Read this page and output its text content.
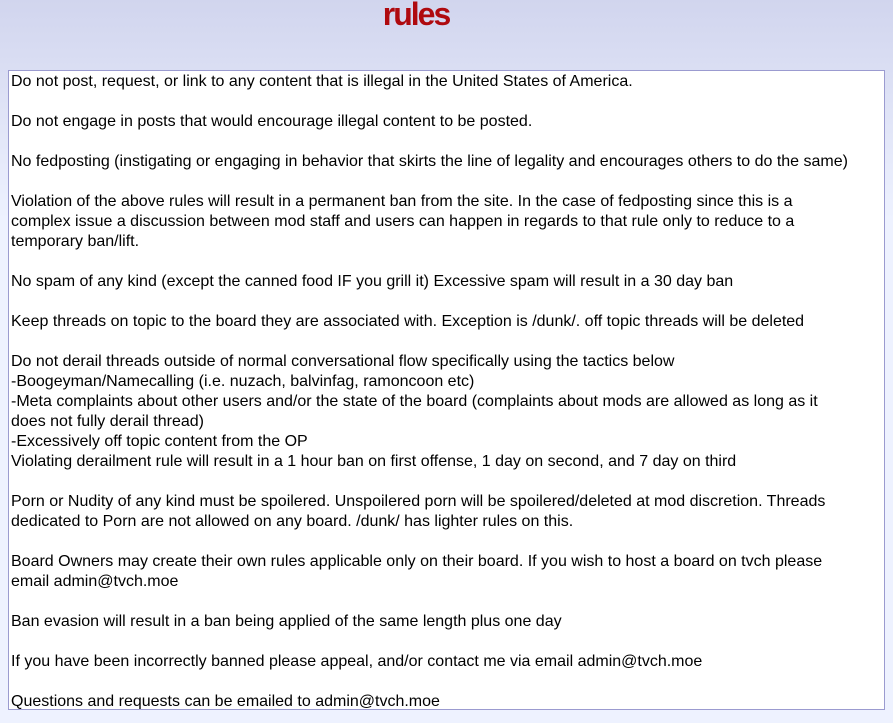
rules

Do not post, request, or link to any content that is illegal in the United States of America.

Do not engage in posts that would encourage illegal content to be posted.

No fedposting (instigating or engaging in behavior that skirts the line of legality and encourages others to do the same)

Violation of the above rules will result in a permanent ban from the site. In the case of fedposting since this is a
complex issue a discussion between mod staff and users can happen in regards to that rule only to reduce to a
temporary ban/lift.

No spam of any kind (except the canned food IF you grill it) Excessive spam will result in a 30 day ban

Keep threads on topic to the board they are associated with. Exception is /dunk/. off topic threads will be deleted

Do not derail threads outside of normal conversational flow specifically using the tactics below
-Boogeyman/Namecalling (i.e. nuzach, balvinfag, ramoncoon etc)
-Meta complaints about other users and/or the state of the board (complaints about mods are allowed as long as it
does not fully derail thread)
-Excessively off topic content from the OP
Violating derailment rule will result in a 1 hour ban on first offense, 1 day on second, and 7 day on third

Porn or Nudity of any kind must be spoilered. Unspoilered porn will be spoilered/deleted at mod discretion. Threads
dedicated to Porn are not allowed on any board. /dunk/ has lighter rules on this.

Board Owners may create their own rules applicable only on their board. If you wish to host a board on tvch please
email admin@tvch.moe

Ban evasion will result in a ban being applied of the same length plus one day

If you have been incorrectly banned please appeal, and/or contact me via email admin@tvch.moe

Questions and requests can be emailed to admin@tvch.moe
